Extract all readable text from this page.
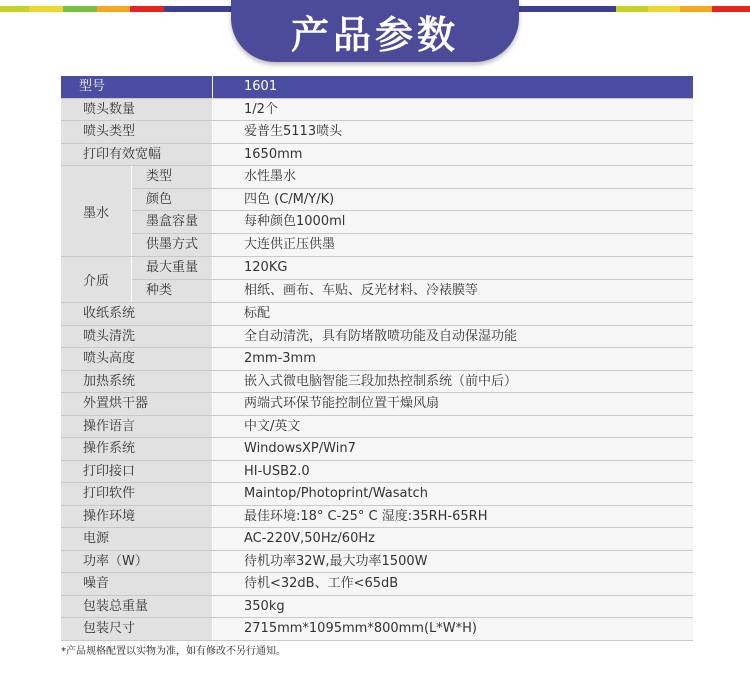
产品参数
型号	1601
喷头数量	1/2个
喷头类型	爱普生5113喷头
打印有效宽幅	1650mm
墨水
类型	水性墨水
颜色	四色 (C/M/Y/K)
墨盒容量	每种颜色1000ml
供墨方式	大连供正压供墨
介质
最大重量	120KG
种类	相纸、画布、车贴、反光材料、冷裱膜等
收纸系统	标配
喷头清洗	全自动清洗，具有防堵散喷功能及自动保湿功能
喷头高度	2mm-3mm
加热系统	嵌入式微电脑智能三段加热控制系统（前中后）
外置烘干器	两端式环保节能控制位置干燥风扇
操作语言	中文/英文
操作系统	WindowsXP/Win7
打印接口	HI-USB2.0
打印软件	Maintop/Photoprint/Wasatch
操作环境	最佳环境:18° C-25° C 湿度:35RH-65RH
电源	AC-220V,50Hz/60Hz
功率（W）	待机功率32W,最大功率1500W
噪音	待机<32dB、工作<65dB
包装总重量	350kg
包装尺寸	2715mm*1095mm*800mm(L*W*H)
*产品规格配置以实物为准，如有修改不另行通知。
